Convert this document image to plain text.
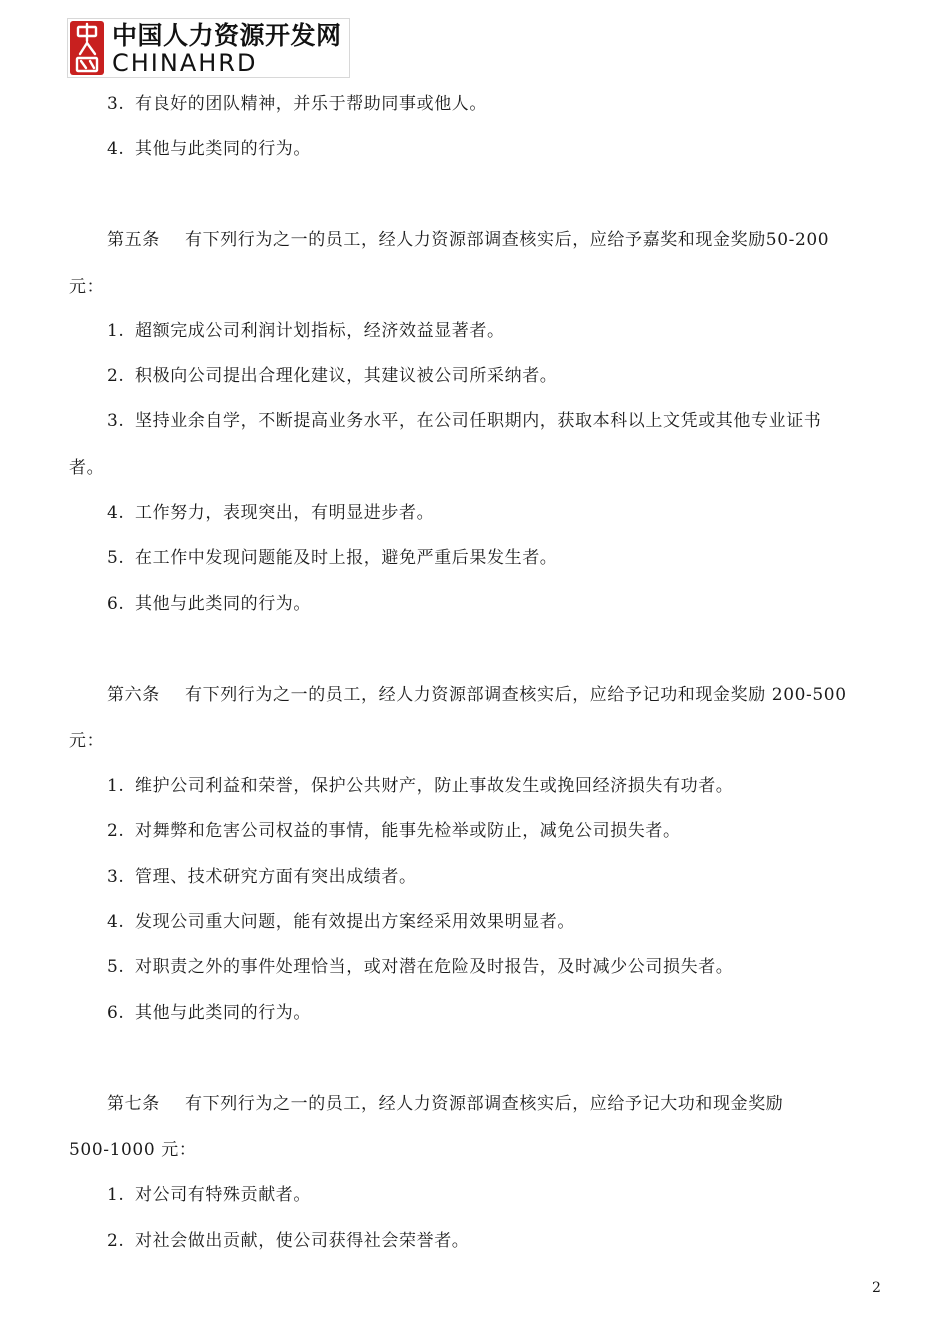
中国人力资源开发网
CHINAHRD
3. 有良好的团队精神，并乐于帮助同事或他人。
4. 其他与此类同的行为。
第五条 有下列行为之一的员工，经人力资源部调查核实后，应给予嘉奖和现金奖励50-200
元：
1. 超额完成公司利润计划指标，经济效益显著者。
2. 积极向公司提出合理化建议，其建议被公司所采纳者。
3. 坚持业余自学，不断提高业务水平，在公司任职期内，获取本科以上文凭或其他专业证书
者。
4. 工作努力，表现突出，有明显进步者。
5. 在工作中发现问题能及时上报，避免严重后果发生者。
6. 其他与此类同的行为。
第六条 有下列行为之一的员工，经人力资源部调查核实后，应给予记功和现金奖励 200-500
元：
1. 维护公司利益和荣誉，保护公共财产，防止事故发生或挽回经济损失有功者。
2. 对舞弊和危害公司权益的事情，能事先检举或防止，减免公司损失者。
3. 管理、技术研究方面有突出成绩者。
4. 发现公司重大问题，能有效提出方案经采用效果明显者。
5. 对职责之外的事件处理恰当，或对潜在危险及时报告，及时减少公司损失者。
6. 其他与此类同的行为。
第七条 有下列行为之一的员工，经人力资源部调查核实后，应给予记大功和现金奖励
500-1000 元：
1. 对公司有特殊贡献者。
2. 对社会做出贡献，使公司获得社会荣誉者。
2
